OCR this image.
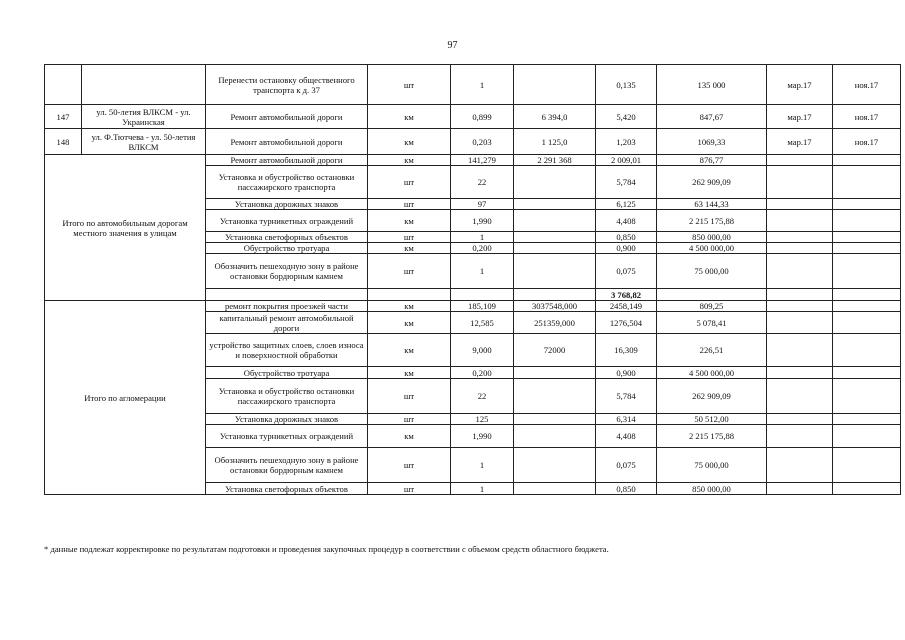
97
		Перенести остановку общественного транспорта к д. 37	шт	1		0,135	135 000	мар.17	ноя.17
147	ул. 50-летия ВЛКСМ - ул. Украинская	Ремонт автомобильной дороги	км	0,899	6 394,0	5,420	847,67	мар.17	ноя.17
148	ул. Ф.Тютчева - ул. 50-летия ВЛКСМ	Ремонт автомобильной дороги	км	0,203	1 125,0	1,203	1069,33	мар.17	ноя.17
Итого по автомобильным дорогам местного значения в улицам		Ремонт автомобильной дороги	км	141,279	2 291 368	2 009,01	876,77		
		Установка и обустройство остановки пассажирского транспорта	шт	22		5,784	262 909,09		
		Установка дорожных знаков	шт	97		6,125	63 144,33		
		Установка турникетных ограждений	км	1,990		4,408	2 215 175,88		
		Установка светофорных объектов	шт	1		0,850	850 000,00		
		Обустройство тротуара	км	0,200		0,900	4 500 000,00		
		Обозначить пешеходную зону в районе остановки бордюрным камнем	шт	1		0,075	75 000,00		
						3 768,82			
Итого по агломерации		ремонт покрытия проезжей части	км	185,109	3037548,000	2458,149	809,25		
		капитальный ремонт автомобильной дороги	км	12,585	251359,000	1276,504	5 078,41		
		устройство защитных слоев, слоев износа и поверхностной обработки	км	9,000	72000	16,309	226,51		
		Обустройство тротуара	км	0,200		0,900	4 500 000,00		
		Установка и обустройство остановки пассажирского транспорта	шт	22		5,784	262 909,09		
		Установка дорожных знаков	шт	125		6,314	50 512,00		
		Установка турникетных ограждений	км	1,990		4,408	2 215 175,88		
		Обозначить пешеходную зону в районе остановки бордюрным камнем	шт	1		0,075	75 000,00		
		Установка светофорных объектов	шт	1		0,850	850 000,00		
* данные подлежат корректировке по результатам подготовки и проведения закупочных процедур в соответствии с объемом средств областного бюджета.
